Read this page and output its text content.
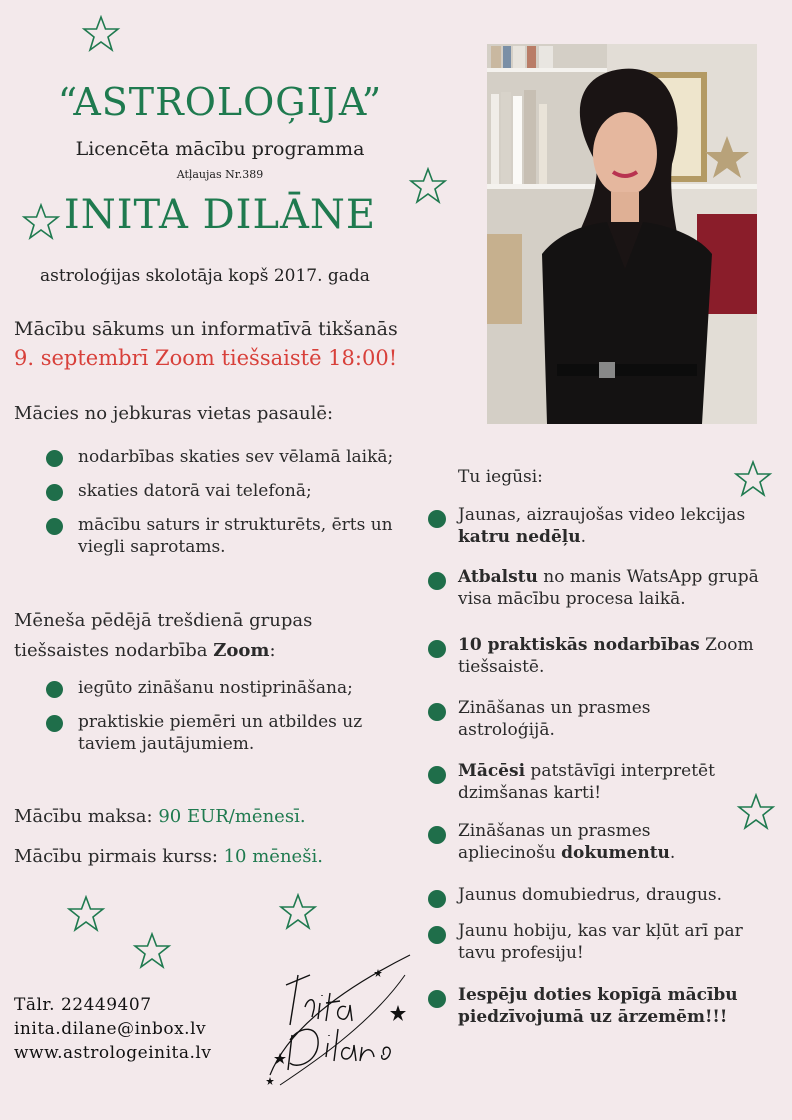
“ASTROLOĢIJA”
Licencēta mācību programma
Atļaujas Nr.389
INITA DILĀNE
astroloģijas skolotāja kopš 2017. gada
Mācību sākums un informatīvā tikšanās
9. septembrī Zoom tiešsaistē 18:00!
Mācies no jebkuras vietas pasaulē:
nodarbības skaties sev vēlamā laikā;
skaties datorā vai telefonā;
mācību saturs ir strukturēts, ērts un viegli saprotams.
Mēneša pēdējā trešdienā grupas
tiešsaistes nodarbība Zoom:
iegūto zināšanu nostiprināšana;
praktiskie piemēri un atbildes uz taviem jautājumiem.
Mācību maksa: 90 EUR/mēnesī.
Mācību pirmais kurss: 10 mēneši.
Tu iegūsi:
Jaunas, aizraujošas video lekcijas katru nedēļu.
Atbalstu no manis WatsApp grupā visa mācību procesa laikā.
10 praktiskās nodarbības Zoom tiešsaistē.
Zināšanas un prasmes astroloģijā.
Mācēsi patstāvīgi interpretēt dzimšanas karti!
Zināšanas un prasmes apliecinošu dokumentu.
Jaunus domubiedrus, draugus.
Jaunu hobiju, kas var kļūt arī par tavu profesiju!
Iespēju doties kopīgā mācību piedzīvojumā uz ārzemēm!!!
Tālr. 22449407
inita.dilane@inbox.lv
www.astrologeinita.lv
